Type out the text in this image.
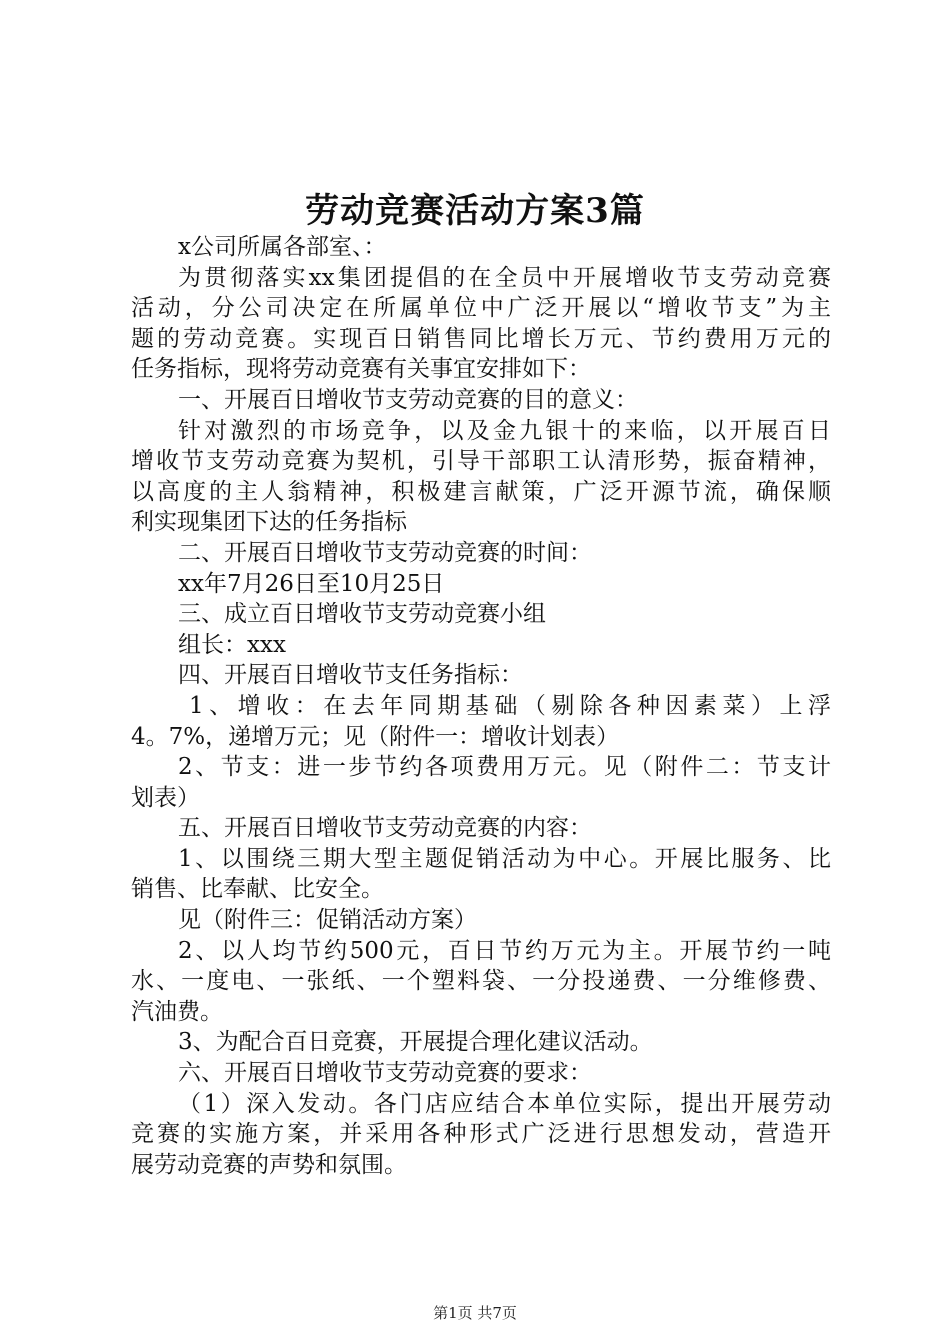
劳动竞赛活动方案3篇
x公司所属各部室、：
为贯彻落实xx集团提倡的在全员中开展增收节支劳动竞赛
活动，分公司决定在所属单位中广泛开展以“增收节支”为主
题的劳动竞赛。实现百日销售同比增长万元、节约费用万元的
任务指标，现将劳动竞赛有关事宜安排如下：
一、开展百日增收节支劳动竞赛的目的意义：
针对激烈的市场竞争，以及金九银十的来临，以开展百日
增收节支劳动竞赛为契机，引导干部职工认清形势，振奋精神，
以高度的主人翁精神，积极建言献策，广泛开源节流，确保顺
利实现集团下达的任务指标
二、开展百日增收节支劳动竞赛的时间：
xx年7月26日至10月25日
三、成立百日增收节支劳动竞赛小组
组长：xxx
四、开展百日增收节支任务指标：
1、增收：在去年同期基础（剔除各种因素菜）上浮
4。7%，递增万元；见（附件一：增收计划表）
2、节支：进一步节约各项费用万元。见（附件二：节支计
划表）
五、开展百日增收节支劳动竞赛的内容：
1、以围绕三期大型主题促销活动为中心。开展比服务、比
销售、比奉献、比安全。
见（附件三：促销活动方案）
2、以人均节约500元，百日节约万元为主。开展节约一吨
水、一度电、一张纸、一个塑料袋、一分投递费、一分维修费、
汽油费。
3、为配合百日竞赛，开展提合理化建议活动。
六、开展百日增收节支劳动竞赛的要求：
（1）深入发动。各门店应结合本单位实际，提出开展劳动
竞赛的实施方案，并采用各种形式广泛进行思想发动，营造开
展劳动竞赛的声势和氛围。
第1页 共7页
